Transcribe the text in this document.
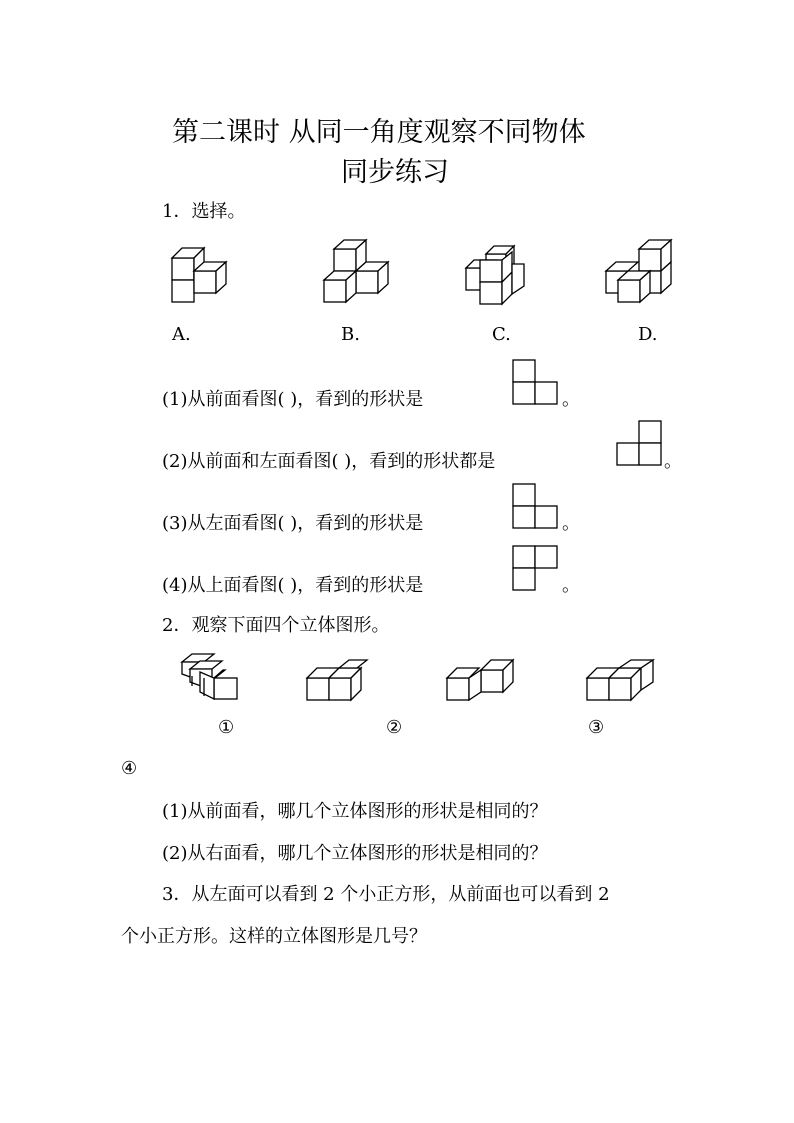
第二课时 从同一角度观察不同物体
同步练习
1．选择。
A.	B.	C.	D.
(1)从前面看图( )，看到的形状是	。
(2)从前面和左面看图( )，看到的形状都是	。
(3)从左面看图( )，看到的形状是	。
(4)从上面看图( )，看到的形状是	。
2．观察下面四个立体图形。
①	②	③
④
(1)从前面看，哪几个立体图形的形状是相同的？
(2)从右面看，哪几个立体图形的形状是相同的？
3．从左面可以看到 2 个小正方形，从前面也可以看到 2
个小正方形。这样的立体图形是几号？
